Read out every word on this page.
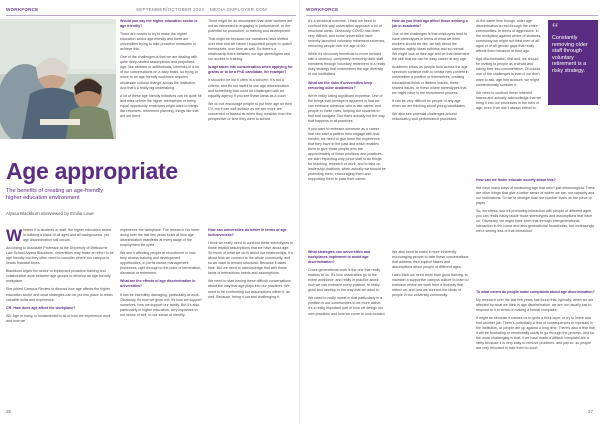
WORKFORCE	SEPTEMBER/OCTOBER 2024 MEDIA.EMPLOYER.COM
Age appropriate
The benefits of creating an age-friendly higher education environment
Alyssa Blackburn interviewed by Emilia Lowe

Whether it is students or staff, the higher education sector is building a place of all ages and all backgrounds, yet age discrimination still occurs.

According to Associate Professor at the University of Melbourne Law School Alyssa Blackburn, universities may make an effort to be age friendly but they often need to consider where our campus is heads financial times.

Blackburn urges the sector to implement proactive training and collaborative work between age groups to develop an age friendly workplace.

She joined Campus Review to discuss how age affects the higher education sector and what strategies can be put into place to retain valuable skills and experience.

CR: How does age affect the workplace?

AB: Age in many, is fundamental to all of how we experience work and how we

Would you say the higher education sector is age friendly?

There are moves to try to make the higher education sector age friendly and there are universities trying to take proactive measures to achieve this.

One of the challenges is that we are dealing with quite deep-seated assumptions and prejudices. Age, like ableism or antitheticals, interlinks in a lot of our conversations on a daily basis, so trying to move to an age friendly workforce requires wholesale cultural change across the institution. And that's a really big undertaking.

A lot of these age friendly initiatives can be quite hit and miss unless the higher themselves or being equal opportunity employers might want to things like returners, retirement planning, things like that are out there.

experience the workplace. The research I've been doing over the last few years looks at how age discrimination manifests at every stage of the employment life cycle.

We see it affecting people at recruitment in how they access training and development opportunities, in performance management processes, right through to the point of termination, dismissal or retirement.

What are the effects of age discrimination in universities?

It can be incredibly damaging, particularly at work. Obviously it's how we grow old. It's how we support ourselves, how we support our family. But it's also, particularly in higher education, very important to our sense of self, to our sense of identity.

There might be an assumption that older workers are not as interested in engaging in performance, or the potential for promotion, or training and development.

That might be because our narratives have shifted over time and we haven't supported people to upskill themselves, over time as well. So there's a relationship there between our age stereotypes and our access to training.

Is age taken into consideration when applying for grants or to be a PhD candidate, for example?

It shouldn't be but it often is a concern. It's not a criteria, and it's not lawful to use age discrimination and something that could be challenged with an equality agency if you see these ideas as a court.

We do not encourage people to put their age on their CV, but it can well surface as we see more are concerned or biased as when they consider from the perspective or time they went to school.

How can universities do better in terms of age inclusiveness?

I think we really need to confront these stereotypes in those implicit assumptions that we have about age. So much of what we do is about our relationships. It's about how we connect to the whole community, and so we want to remain structural. Because it takes time. But we need to acknowledge that with those kinds of interactions needs and assumptions.

We need to start having these difficult conversations about the way that age plays into our practices. We need to be confronting our assumptions within it, as well. Because, being it out and challenging it.

26
WORKFORCE

It's a structural exercise, I think we need to confront this way universities approach a lot of structural areas. Obviously, COVID has been very difficult, and some universities have recently launched voluntary retirement schemes, removing people over the age of 60.

While it's obviously beneficial to move forward with a decency, completely removing older staff members through voluntary retirement is a really risky strategy that undermines the age diversity of our institutions.

What are the risks if universities keep removing older academics?

We're really losing significant expertise. One of the things that perhaps is apparent is that we can embrace someone who is late career and people in these roles, helping our students to find and navigate. But that's actually not the way that happens in all practices.

If you want to embrace someone as a career that can start a pattern then engage with that mentor, we need to give them the experience that they have in the past and which enables them to give those people who are approximately of these positions and practices, we start expecting only junior staff to do things for teaching, research or work, and to take on leadership positions, when actually we should be protecting them, encouraging them and supporting them to pass their career.

What strategies can universities and workplaces implement to avoid age discrimination?

Cross-generational work is the one that really matters to us. It's how universities go to the entire workforce, and really in practice about how we can embrace every position, to really grow and develop in the way that we want to.

We need to really invest in that particularly in a position in our communities to be more active. It's a really important part of how we design our own practices and how we come to look forward.

How do you think age affect those seeking a job in academia?

One of the challenges is that employers tend to have stereotypes in terms of what we think workers should be like, we talk about the stamina, agility, ideas ruthless and so normal. We might look at their age and let that determine the skill that we can be easy career at any age.

Academic ethics as people from across the age spectrum continue both to create new content in universities a positive or themselves, creating educational fields or lifetime leaves, these shared issues, or these where stereotypes that we might have in the recruitment process.

It can be very difficult for people of any age when we are thinking about young candidates.

We also see potential challenges around redundancy and performance processes.

We also need to make it more inherently encouraging people to take these conversations that address their implicit biases and assumptions about people of different ages.

I also think we need more than good training, to maintain a supportive campus culture to learn to embrace where we work from a diversity that reflect us, and how we connect the ideas of people in our university community.

At the same time though, older age discrimination is real through the entire communities. In terms of aggression, in the workplace against where of students, commonly we might not think men of all ages or of all gender gaps that really affects them because of their age.

Age discrimination, first and, we should be inviting to people as a whole and taking their into consideration. Of course, one of the challenges is even if we don't want to ask, age into account, we might unintentionally consider it.

We need to confront these inherent biases and actually acknowledge that we bring it into our processes in the form of age, even if we don't always intend to.

How can we foster educate society about this?

We have many ways of measuring age that aren't just chronological. There are other things that give a better sense of where we are, our capacity and our motivations. So we're stronger than the number that's on the piece of paper.

So, we stress how it's promoting interaction with people of different ages; you can really easily tackle those stereotypes and assumptions that have on. Obviously, we might have seen that through intergenerational interaction in the home and also generational households, but increasingly we're seeing less of that interaction.

To what extent do people make complaints about age discrimination?

My research over the last few years has found that, typically, when we are affected by what we think is age discrimination, we are not usually just to respond to it in terms of making a formal complaint.

It might be because it causes us to grow a thick layer, or try to leave and find another job. There's potentially a fear of consequences or reprisals in the institution, or people are up against a long time. There's also a fear that it will be frustrating or emotionally costly to go through the process. And for the more challenging is that, if we have made a difficult complaint are a rarity because it is very easy to remove problems, and just so, so people are very reluctant to take them to court.

27
“
Constantly removing older staff through voluntary retirement is a risky strategy.
